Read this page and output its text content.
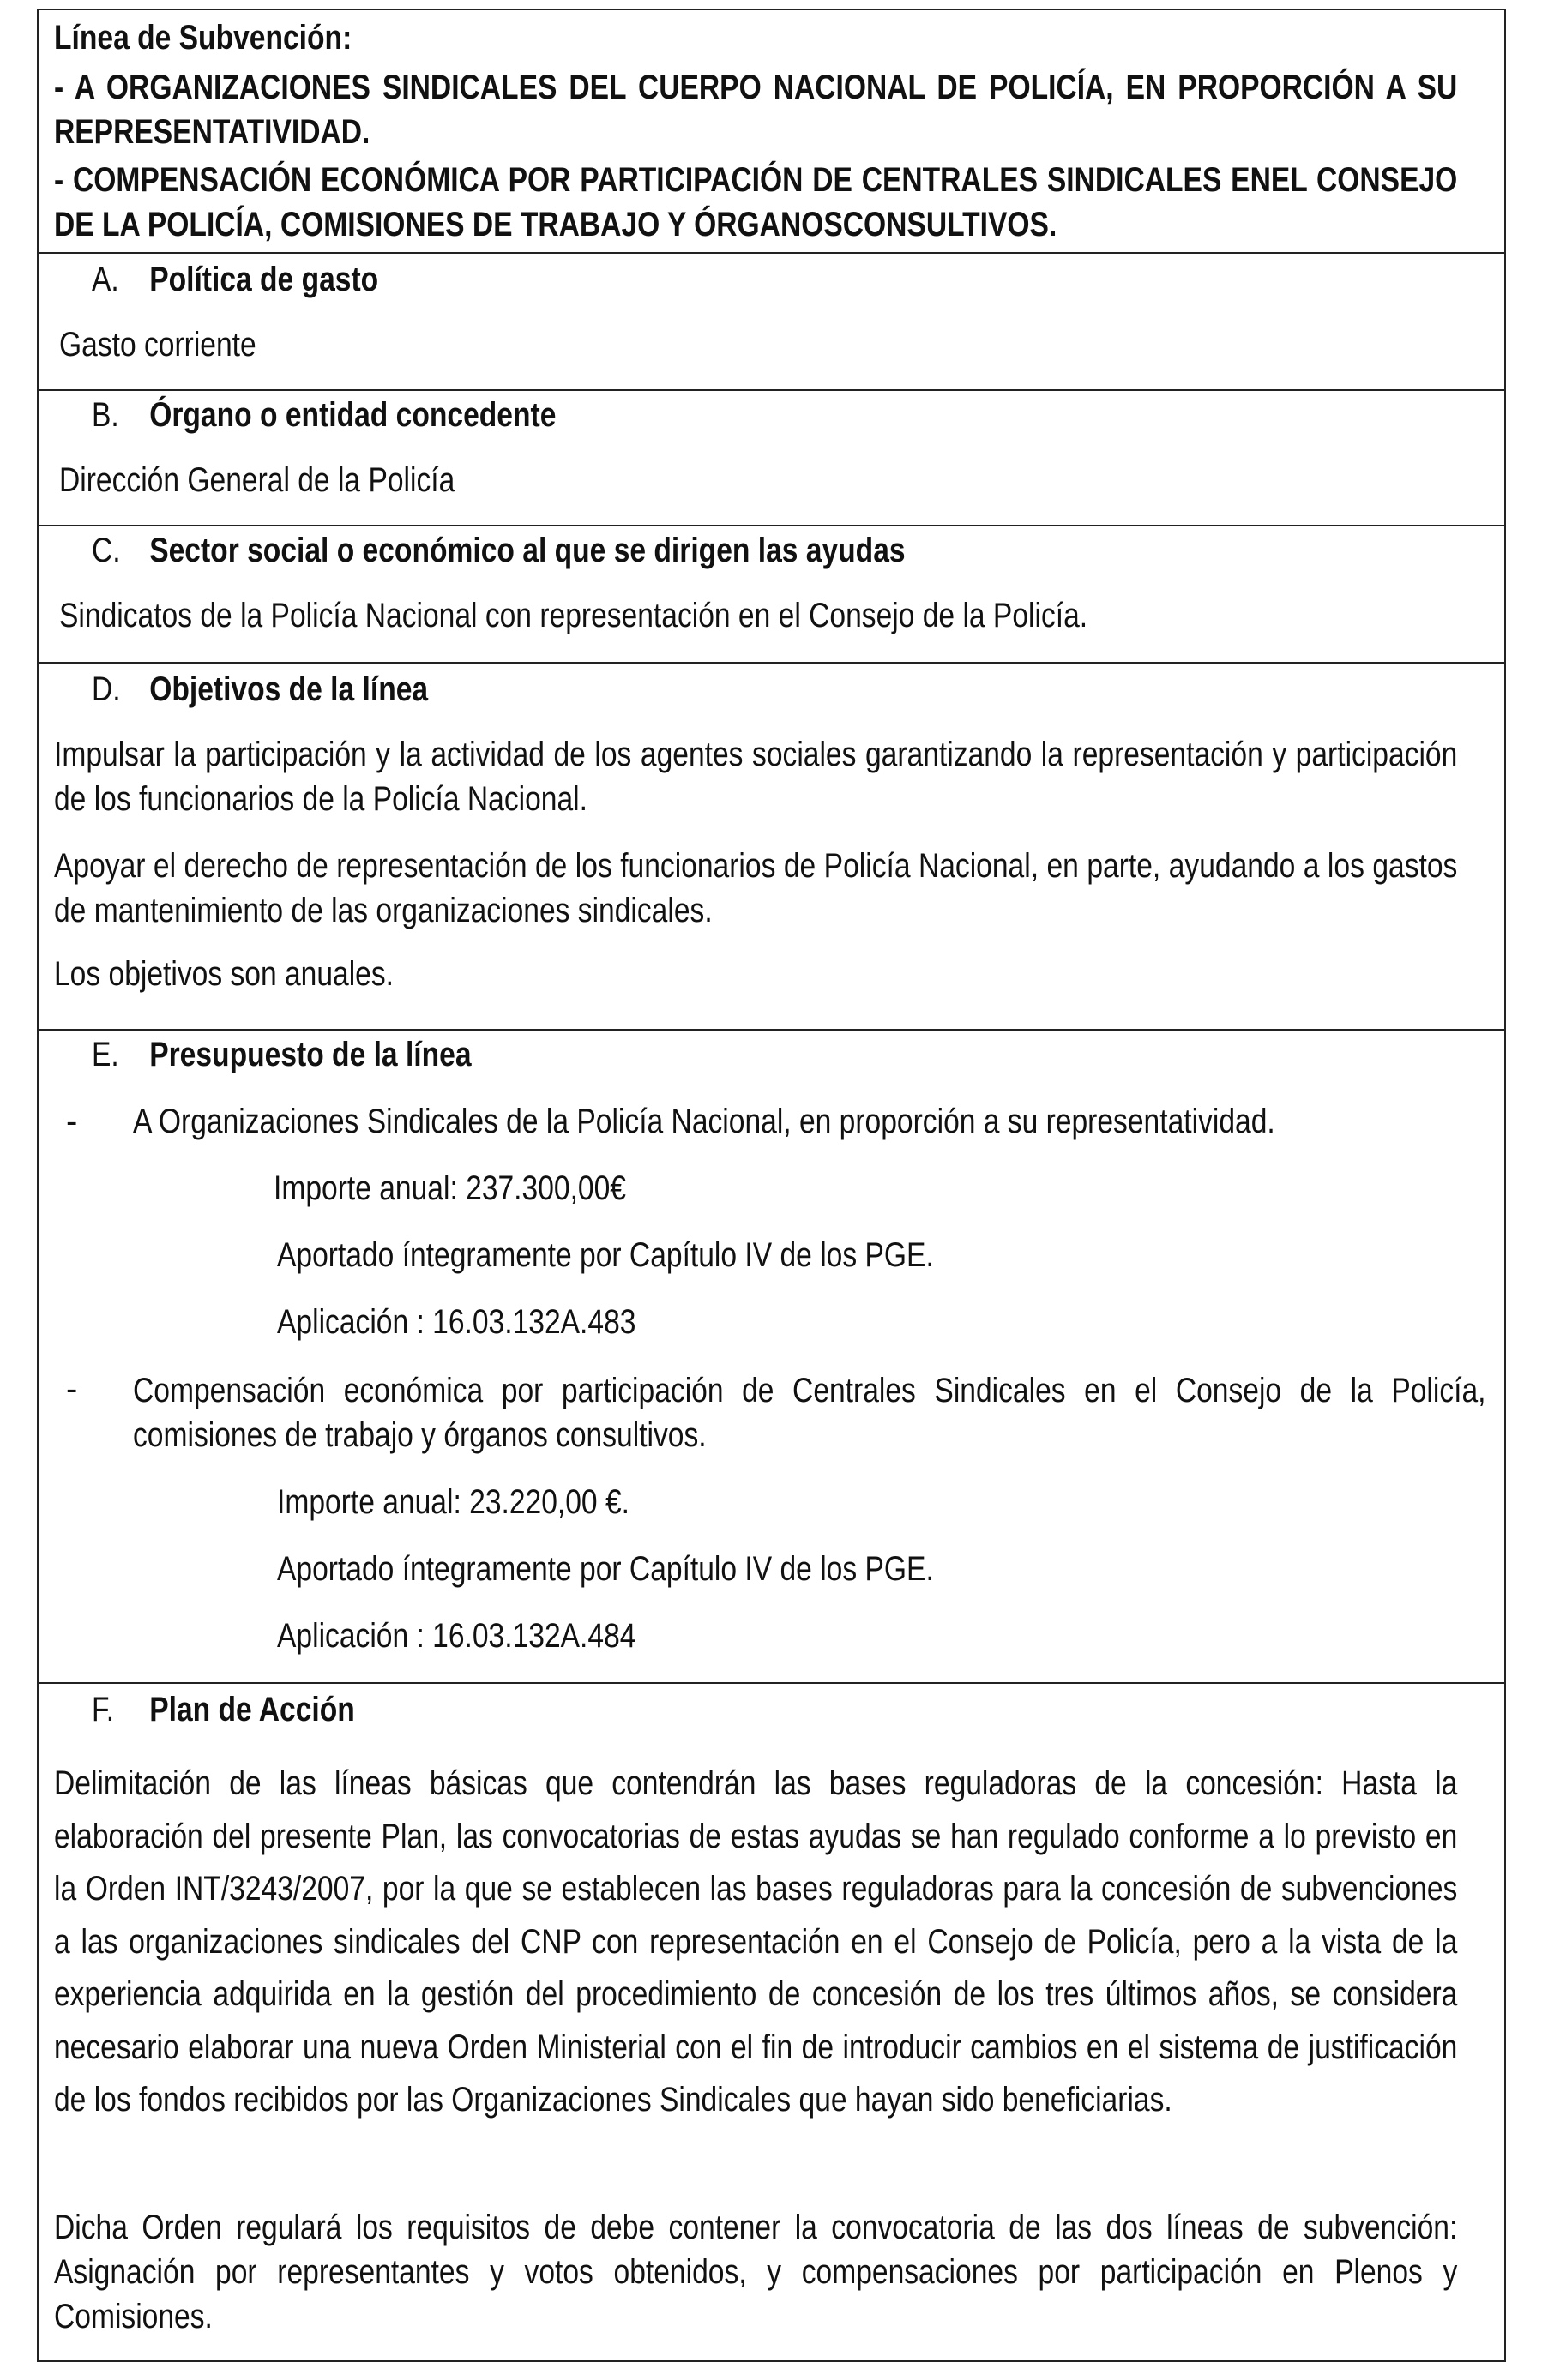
Línea de Subvención:
- A ORGANIZACIONES SINDICALES DEL CUERPO NACIONAL DE POLICÍA, EN PROPORCIÓN A SU REPRESENTATIVIDAD.
- COMPENSACIÓN ECONÓMICA POR PARTICIPACIÓN DE CENTRALES SINDICALES ENEL CONSEJO DE LA POLICÍA, COMISIONES DE TRABAJO Y ÓRGANOSCONSULTIVOS.
A. Política de gasto
Gasto corriente
B. Órgano o entidad concedente
Dirección General de la Policía
C. Sector social o económico al que se dirigen las ayudas
Sindicatos de la Policía Nacional con representación en el Consejo de la Policía.
D. Objetivos de la línea
Impulsar la participación y la actividad de los agentes sociales garantizando la representación y participación de los funcionarios de la Policía Nacional.
Apoyar el derecho de representación de los funcionarios de Policía Nacional, en parte, ayudando a los gastos de mantenimiento de las organizaciones sindicales.
Los objetivos son anuales.
E. Presupuesto de la línea
- A Organizaciones Sindicales de la Policía Nacional, en proporción a su representatividad.
Importe anual: 237.300,00€
Aportado íntegramente por Capítulo IV de los PGE.
Aplicación : 16.03.132A.483
- Compensación económica por participación de Centrales Sindicales en el Consejo de la Policía, comisiones de trabajo y órganos consultivos.
Importe anual: 23.220,00 €.
Aportado íntegramente por Capítulo IV de los PGE.
Aplicación : 16.03.132A.484
F. Plan de Acción
Delimitación de las líneas básicas que contendrán las bases reguladoras de la concesión: Hasta la elaboración del presente Plan, las convocatorias de estas ayudas se han regulado conforme a lo previsto en la Orden INT/3243/2007, por la que se establecen las bases reguladoras para la concesión de subvenciones a las organizaciones sindicales del CNP con representación en el Consejo de Policía, pero a la vista de la experiencia adquirida en la gestión del procedimiento de concesión de los tres últimos años, se considera necesario elaborar una nueva Orden Ministerial con el fin de introducir cambios en el sistema de justificación de los fondos recibidos por las Organizaciones Sindicales que hayan sido beneficiarias.
Dicha Orden regulará los requisitos de debe contener la convocatoria de las dos líneas de subvención: Asignación por representantes y votos obtenidos, y compensaciones por participación en Plenos y Comisiones.
